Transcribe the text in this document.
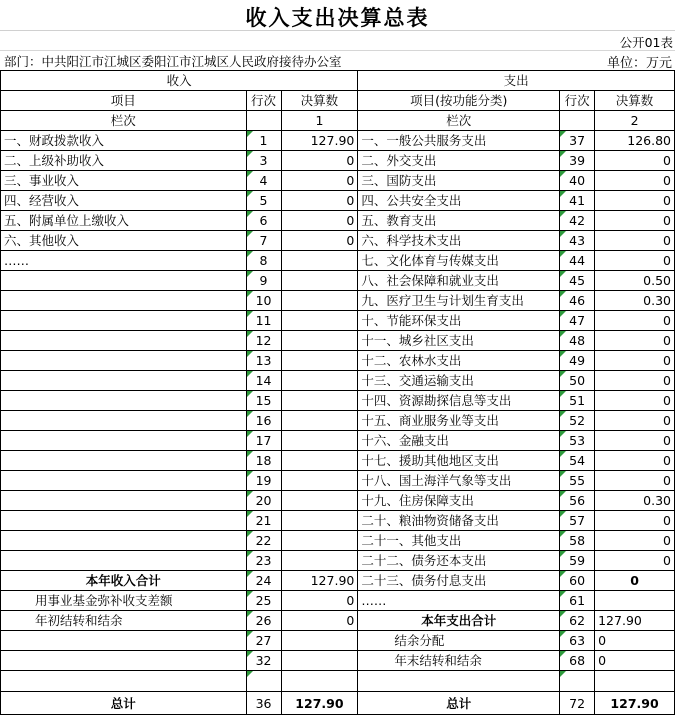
收入支出决算总表
公开01表
部门：中共阳江市江城区委阳江市江城区人民政府接待办公室	单位：万元
收入			支出		
项目	行次	决算数	项目(按功能分类)	行次	决算数
栏次		1	栏次		2
一、财政拨款收入	1	127.90	一、一般公共服务支出	37	126.80
二、上级补助收入	3	0	二、外交支出	39	0
三、事业收入	4	0	三、国防支出	40	0
四、经营收入	5	0	四、公共安全支出	41	0
五、附属单位上缴收入	6	0	五、教育支出	42	0
六、其他收入	7	0	六、科学技术支出	43	0
……	8		七、文化体育与传媒支出	44	0
	9		八、社会保障和就业支出	45	0.50
	10		九、医疗卫生与计划生育支出	46	0.30
	11		十、节能环保支出	47	0
	12		十一、城乡社区支出	48	0
	13		十二、农林水支出	49	0
	14		十三、交通运输支出	50	0
	15		十四、资源勘探信息等支出	51	0
	16		十五、商业服务业等支出	52	0
	17		十六、金融支出	53	0
	18		十七、援助其他地区支出	54	0
	19		十八、国土海洋气象等支出	55	0
	20		十九、住房保障支出	56	0.30
	21		二十、粮油物资储备支出	57	0
	22		二十一、其他支出	58	0
	23		二十二、债务还本支出	59	0
本年收入合计	24	127.90	二十三、债务付息支出	60	0
用事业基金弥补收支差额	25	0	……	61	
年初结转和结余	26	0	本年支出合计	62	127.90
	27		结余分配	63	0
	32		年末结转和结余	68	0

总计	36	127.90	总计	72	127.90
